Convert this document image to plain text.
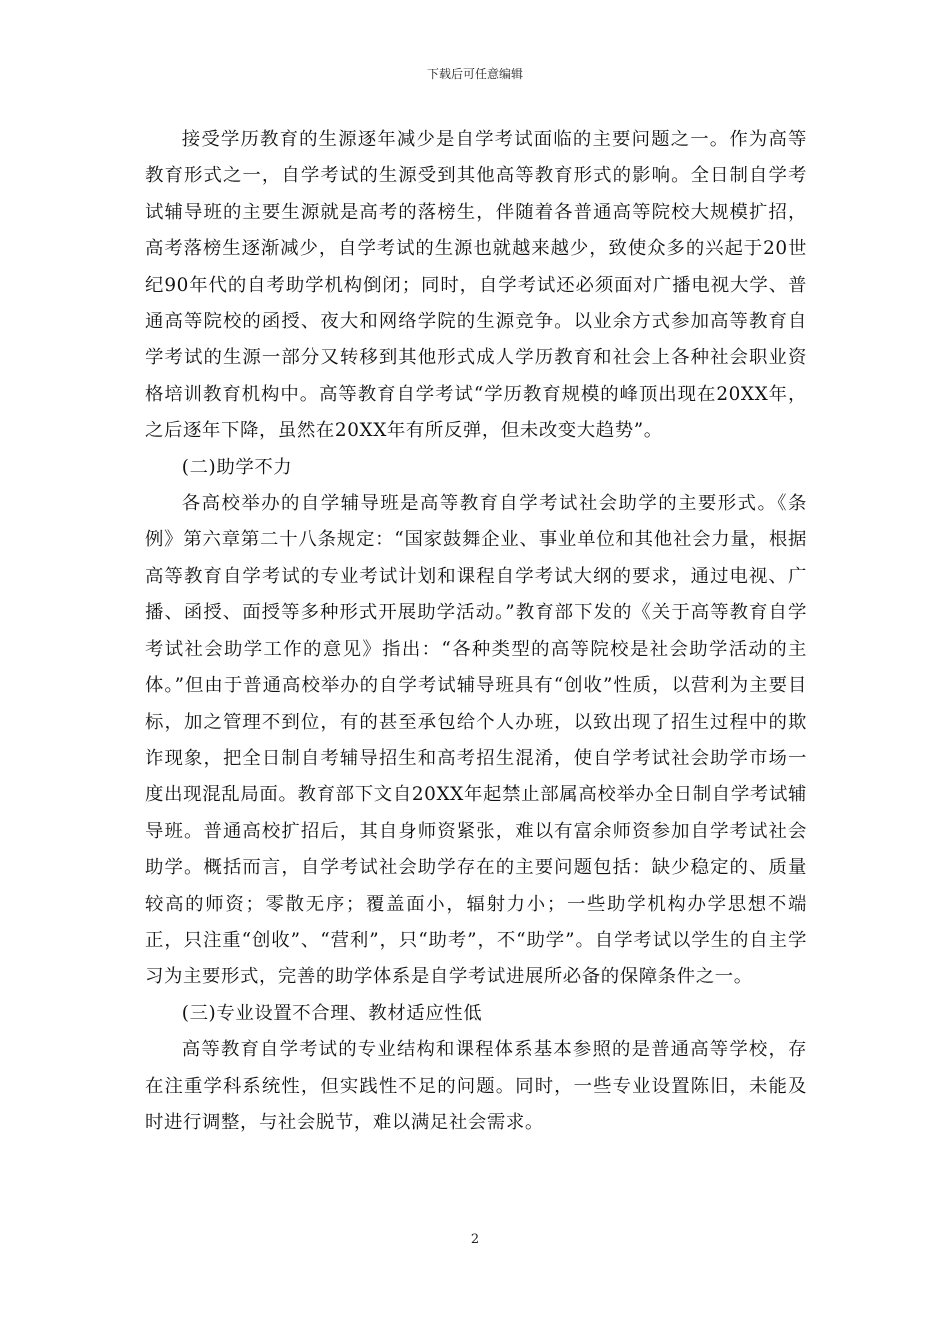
下载后可任意编辑

接受学历教育的生源逐年减少是自学考试面临的主要问题之一。作为高等教育形式之一，自学考试的生源受到其他高等教育形式的影响。全日制自学考试辅导班的主要生源就是高考的落榜生，伴随着各普通高等院校大规模扩招，高考落榜生逐渐减少，自学考试的生源也就越来越少，致使众多的兴起于20世纪90年代的自考助学机构倒闭；同时，自学考试还必须面对广播电视大学、普通高等院校的函授、夜大和网络学院的生源竞争。以业余方式参加高等教育自学考试的生源一部分又转移到其他形式成人学历教育和社会上各种社会职业资格培训教育机构中。高等教育自学考试“学历教育规模的峰顶出现在20XX年，之后逐年下降，虽然在20XX年有所反弹，但未改变大趋势”。

(二)助学不力

各高校举办的自学辅导班是高等教育自学考试社会助学的主要形式。《条例》第六章第二十八条规定：“国家鼓舞企业、事业单位和其他社会力量，根据高等教育自学考试的专业考试计划和课程自学考试大纲的要求，通过电视、广播、函授、面授等多种形式开展助学活动。”教育部下发的《关于高等教育自学考试社会助学工作的意见》指出：“各种类型的高等院校是社会助学活动的主体。”但由于普通高校举办的自学考试辅导班具有“创收”性质，以营利为主要目标，加之管理不到位，有的甚至承包给个人办班，以致出现了招生过程中的欺诈现象，把全日制自考辅导招生和高考招生混淆，使自学考试社会助学市场一度出现混乱局面。教育部下文自20XX年起禁止部属高校举办全日制自学考试辅导班。普通高校扩招后，其自身师资紧张，难以有富余师资参加自学考试社会助学。概括而言，自学考试社会助学存在的主要问题包括：缺少稳定的、质量较高的师资；零散无序；覆盖面小，辐射力小；一些助学机构办学思想不端正，只注重“创收”、“营利”，只“助考”，不“助学”。自学考试以学生的自主学习为主要形式，完善的助学体系是自学考试进展所必备的保障条件之一。

(三)专业设置不合理、教材适应性低

高等教育自学考试的专业结构和课程体系基本参照的是普通高等学校，存在注重学科系统性，但实践性不足的问题。同时，一些专业设置陈旧，未能及时进行调整，与社会脱节，难以满足社会需求。

2
